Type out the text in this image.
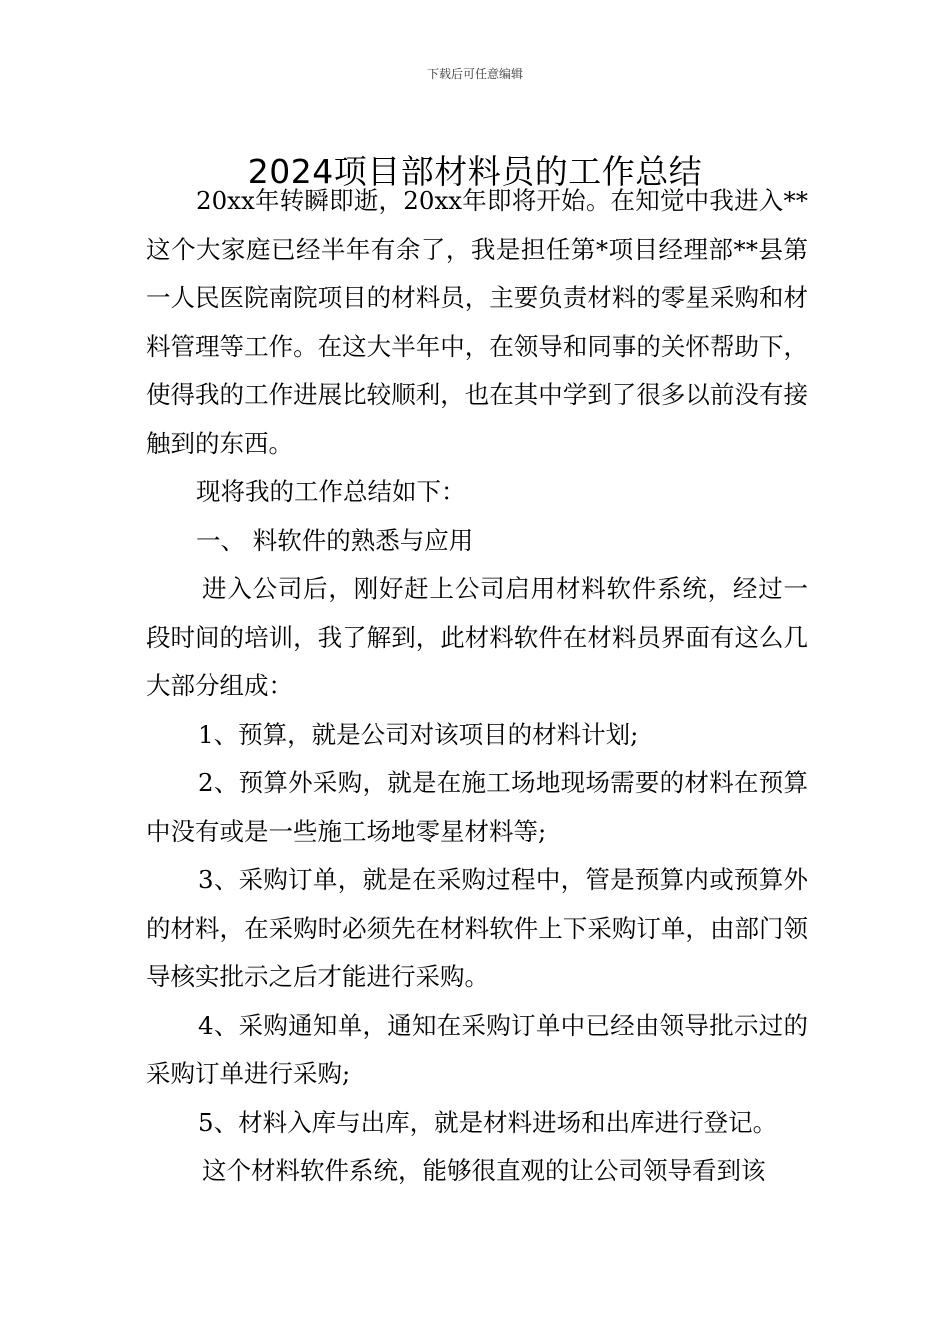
下载后可任意编辑
2024项目部材料员的工作总结

20xx年转瞬即逝，20xx年即将开始。在知觉中我进入**这个大家庭已经半年有余了，我是担任第*项目经理部**县第一人民医院南院项目的材料员，主要负责材料的零星采购和材料管理等工作。在这大半年中，在领导和同事的关怀帮助下，使得我的工作进展比较顺利，也在其中学到了很多以前没有接触到的东西。

现将我的工作总结如下：

一、 料软件的熟悉与应用

进入公司后，刚好赶上公司启用材料软件系统，经过一段时间的培训，我了解到，此材料软件在材料员界面有这么几大部分组成：

1、预算，就是公司对该项目的材料计划;

2、预算外采购，就是在施工场地现场需要的材料在预算中没有或是一些施工场地零星材料等;

3、采购订单，就是在采购过程中，管是预算内或预算外的材料，在采购时必须先在材料软件上下采购订单，由部门领导核实批示之后才能进行采购。

4、采购通知单，通知在采购订单中已经由领导批示过的采购订单进行采购;

5、材料入库与出库，就是材料进场和出库进行登记。

这个材料软件系统，能够很直观的让公司领导看到该
